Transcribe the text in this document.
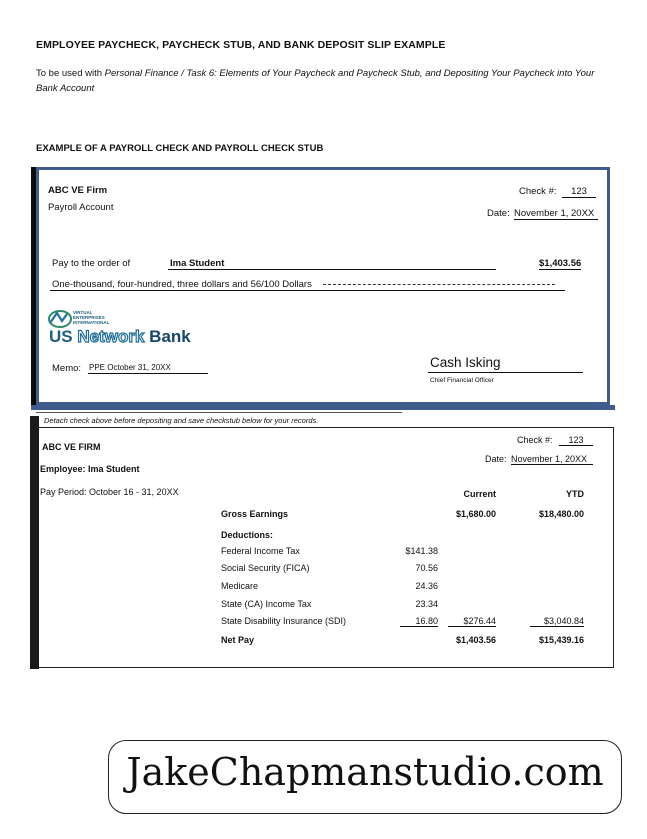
EMPLOYEE PAYCHECK, PAYCHECK STUB, AND BANK DEPOSIT SLIP EXAMPLE
To be used with Personal Finance / Task 6: Elements of Your Paycheck and Paycheck Stub, and Depositing Your Paycheck into Your Bank Account
EXAMPLE OF A PAYROLL CHECK AND PAYROLL CHECK STUB
ABC VE Firm
Payroll Account
Check #:	123
Date: November 1, 20XX
Pay to the order of	Ima Student	$1,403.56
One-thousand, four-hundred, three dollars and 56/100 Dollars
VIRTUAL
ENTERPRISES
INTERNATIONAL
US Network Bank
Memo: PPE October 31, 20XX	Cash Isking
Chief Financial Officer
Detach check above before depositing and save checkstub below for your records.
ABC VE FIRM
Employee: Ima Student
Pay Period: October 16 - 31, 20XX
Check #:	123
Date: November 1, 20XX
Current	YTD
Gross Earnings	$1,680.00	$18,480.00
Deductions:
Federal Income Tax	$141.38
Social Security (FICA)	70.56
Medicare	24.36
State (CA) Income Tax	23.34
State Disability Insurance (SDI)	16.80	$276.44	$3,040.84
Net Pay	$1,403.56	$15,439.16
JakeChapmanstudio.com
